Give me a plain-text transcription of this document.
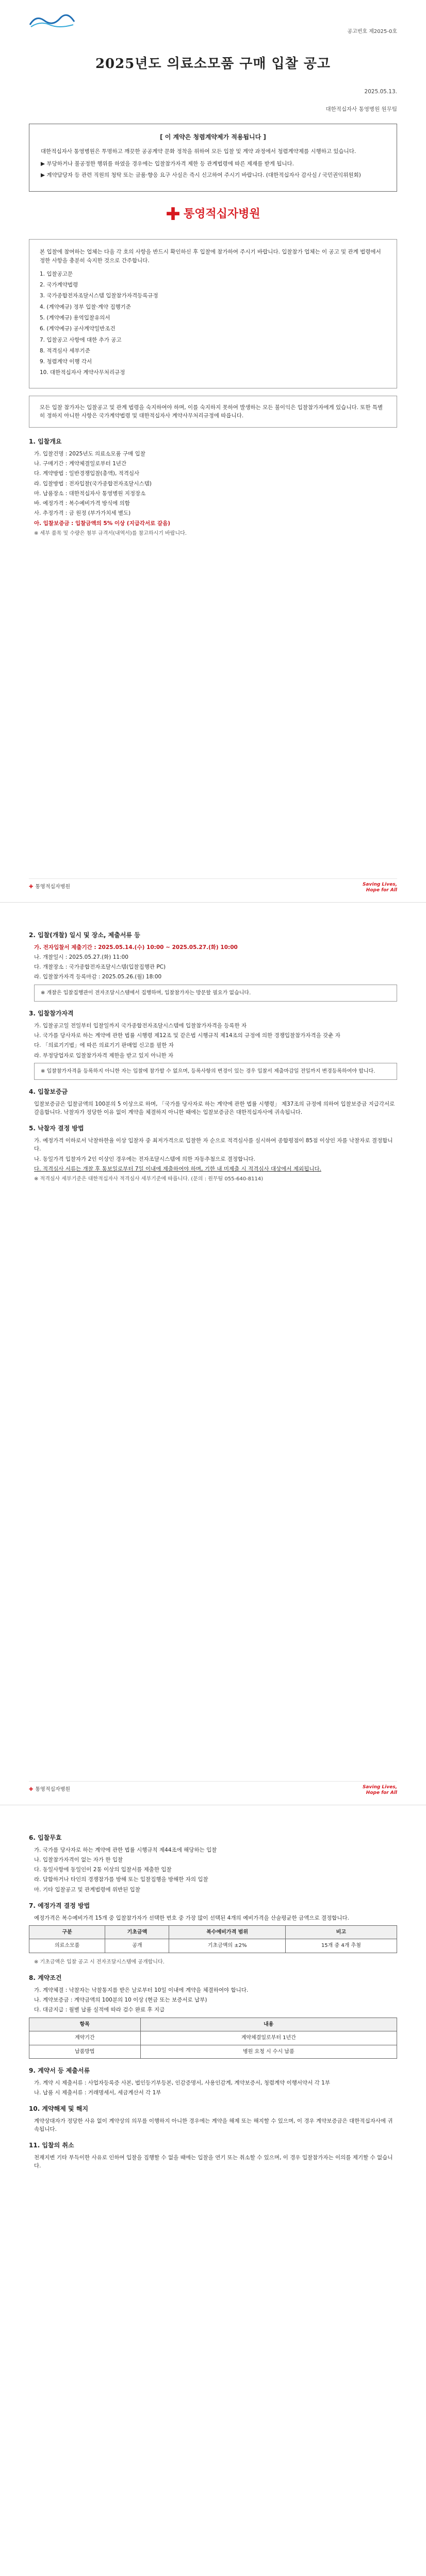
공고번호 제2025-0호
2025년도 의료소모품 구매 입찰 공고
2025.05.13.
대한적십자사 통영병원 원무팀
[ 이 계약은 청렴계약제가 적용됩니다 ]

대한적십자사 통영병원은 투명하고 깨끗한 공공계약 문화 정착을 위하여 모든 입찰 및 계약 과정에서 청렴계약제를 시행하고 있습니다.

▶ 부당하거나 불공정한 행위를 하였을 경우에는 입찰참가자격 제한 등 관계법령에 따른 제재를 받게 됩니다.
▶ 계약담당자 등 관련 직원의 청탁 또는 금품·향응 요구 사실은 즉시 신고하여 주시기 바랍니다. (대한적십자사 감사실 / 국민권익위원회)
✚ 통영적십자병원
본 입찰에 참여하는 업체는 다음 각 호의 사항을 반드시 확인하신 후 입찰에 참가하여 주시기 바랍니다. 입찰참가 업체는 이 공고 및 관계 법령에서 정한 사항을 충분히 숙지한 것으로 간주합니다.
1. 입찰공고문
2. 국가계약법령
3. 국가종합전자조달시스템 입찰참가자격등록규정
4. (계약예규) 정부 입찰·계약 집행기준
5. (계약예규) 용역입찰유의서
6. (계약예규) 공사계약일반조건
7. 입찰공고 사항에 대한 추가 공고
8. 적격심사 세부기준
9. 청렴계약 이행 각서
10. 대한적십자사 계약사무처리규정
모든 입찰 참가자는 입찰공고 및 관계 법령을 숙지하여야 하며, 이를 숙지하지 못하여 발생하는 모든 불이익은 입찰참가자에게 있습니다. 또한 특별히 정하지 아니한 사항은 국가계약법령 및 대한적십자사 계약사무처리규정에 따릅니다.
1. 입찰개요
가. 입찰건명 : 2025년도 의료소모품 구매 입찰
나. 구매기간 : 계약체결일로부터 1년간
다. 계약방법 : 일반경쟁입찰(총액), 적격심사
라. 입찰방법 : 전자입찰(국가종합전자조달시스템)
마. 납품장소 : 대한적십자사 통영병원 지정장소
바. 예정가격 : 복수예비가격 방식에 의함
사. 추정가격 : 금 원정 (부가가치세 별도)
아. 입찰보증금 : 입찰금액의 5% 이상 (지급각서로 갈음)
※ 세부 품목 및 수량은 첨부 규격서(내역서)를 참고하시기 바랍니다.
✚ 통영적십자병원	Saving Lives,
Hope for All
2. 입찰(개찰) 일시 및 장소, 제출서류 등
가. 전자입찰서 제출기간 : 2025.05.14.(수) 10:00 ~ 2025.05.27.(화) 10:00
나. 개찰일시 : 2025.05.27.(화) 11:00
다. 개찰장소 : 국가종합전자조달시스템(입찰집행관 PC)
라. 입찰참가자격 등록마감 : 2025.05.26.(월) 18:00
※ 개찰은 입찰집행관이 전자조달시스템에서 집행하며, 입찰참가자는 방문할 필요가 없습니다.
3. 입찰참가자격
가. 입찰공고일 전일부터 입찰일까지 국가종합전자조달시스템에 입찰참가자격을 등록한 자
나. 국가를 당사자로 하는 계약에 관한 법률 시행령 제12조 및 같은법 시행규칙 제14조의 규정에 의한 경쟁입찰참가자격을 갖춘 자
다. 「의료기기법」에 따른 의료기기 판매업 신고를 필한 자
라. 부정당업자로 입찰참가자격 제한을 받고 있지 아니한 자
※ 입찰참가자격을 등록하지 아니한 자는 입찰에 참가할 수 없으며, 등록사항의 변경이 있는 경우 입찰서 제출마감일 전일까지 변경등록하여야 합니다.
4. 입찰보증금
입찰보증금은 입찰금액의 100분의 5 이상으로 하며, 「국가를 당사자로 하는 계약에 관한 법률 시행령」 제37조의 규정에 의하여 입찰보증금 지급각서로 갈음합니다. 낙찰자가 정당한 이유 없이 계약을 체결하지 아니한 때에는 입찰보증금은 대한적십자사에 귀속됩니다.
5. 낙찰자 결정 방법
가. 예정가격 이하로서 낙찰하한율 이상 입찰자 중 최저가격으로 입찰한 자 순으로 적격심사를 실시하여 종합평점이 85점 이상인 자를 낙찰자로 결정합니다.
나. 동일가격 입찰자가 2인 이상인 경우에는 전자조달시스템에 의한 자동추첨으로 결정합니다.
다. 적격심사 서류는 개찰 후 통보일로부터 7일 이내에 제출하여야 하며, 기한 내 미제출 시 적격심사 대상에서 제외됩니다.
※ 적격심사 세부기준은 대한적십자사 적격심사 세부기준에 따릅니다. (문의 : 원무팀 055-640-8114)
✚ 통영적십자병원	Saving Lives,
Hope for All
6. 입찰무효
가. 국가를 당사자로 하는 계약에 관한 법률 시행규칙 제44조에 해당하는 입찰
나. 입찰참가자격이 없는 자가 한 입찰
다. 동일사항에 동일인이 2통 이상의 입찰서를 제출한 입찰
라. 담합하거나 타인의 경쟁참가를 방해 또는 입찰집행을 방해한 자의 입찰
마. 기타 입찰공고 및 관계법령에 위반된 입찰
7. 예정가격 결정 방법
예정가격은 복수예비가격 15개 중 입찰참가자가 선택한 번호 중 가장 많이 선택된 4개의 예비가격을 산술평균한 금액으로 결정합니다.
구분	기초금액	복수예비가격 범위	비고
의료소모품	공개	기초금액의 ±2%	15개 중 4개 추첨
※ 기초금액은 입찰 공고 시 전자조달시스템에 공개합니다.
8. 계약조건
가. 계약체결 : 낙찰자는 낙찰통지를 받은 날로부터 10일 이내에 계약을 체결하여야 합니다.
나. 계약보증금 : 계약금액의 100분의 10 이상 (현금 또는 보증서로 납부)
다. 대금지급 : 월별 납품 실적에 따라 검수 완료 후 지급
항목	내용
계약기간	계약체결일로부터 1년간
납품방법	병원 요청 시 수시 납품
9. 계약서 등 제출서류
가. 계약 시 제출서류 : 사업자등록증 사본, 법인등기부등본, 인감증명서, 사용인감계, 계약보증서, 청렴계약 이행서약서 각 1부
나. 납품 시 제출서류 : 거래명세서, 세금계산서 각 1부
10. 계약해제 및 해지
계약상대자가 정당한 사유 없이 계약상의 의무를 이행하지 아니한 경우에는 계약을 해제 또는 해지할 수 있으며, 이 경우 계약보증금은 대한적십자사에 귀속됩니다.
11. 입찰의 취소
천재지변 기타 부득이한 사유로 인하여 입찰을 집행할 수 없을 때에는 입찰을 연기 또는 취소할 수 있으며, 이 경우 입찰참가자는 이의를 제기할 수 없습니다.
